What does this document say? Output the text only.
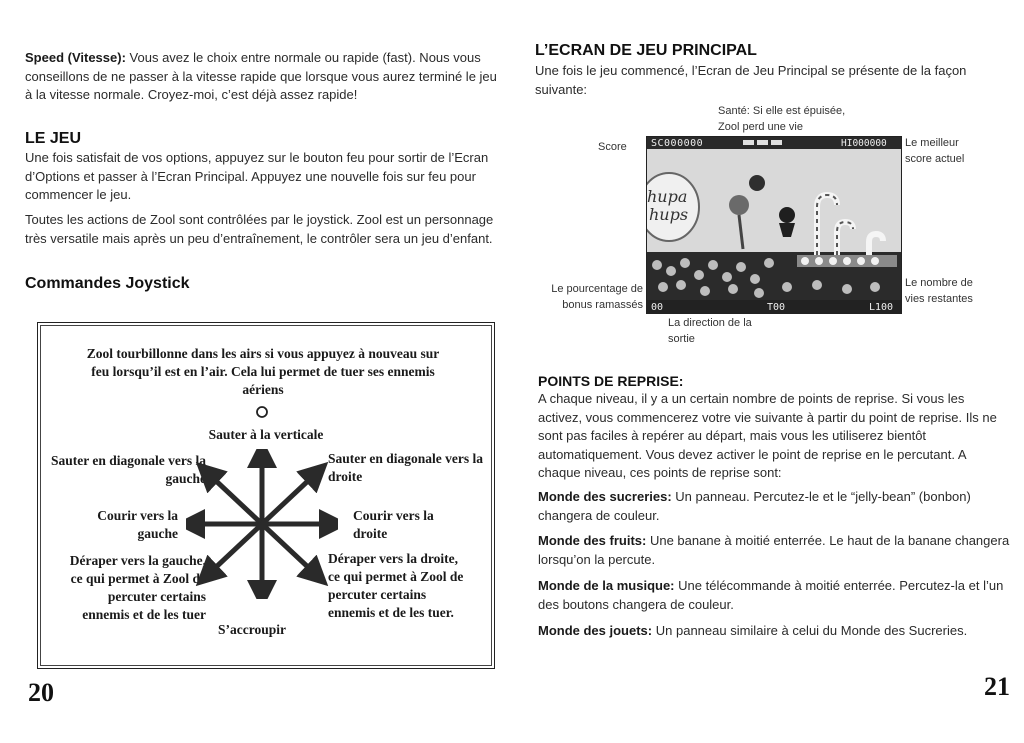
Speed (Vitesse): Vous avez le choix entre normale ou rapide (fast). Nous vous conseillons de ne passer à la vitesse rapide que lorsque vous aurez terminé le jeu à la vitesse normale. Croyez-moi, c’est déjà assez rapide!
LE JEU
Une fois satisfait de vos options, appuyez sur le bouton feu pour sortir de l’Ecran d’Options et passer à l’Ecran Principal. Appuyez une nouvelle fois sur feu pour commencer le jeu.
Toutes les actions de Zool sont contrôlées par le joystick. Zool est un personnage très versatile mais après un peu d’entraînement, le contrôler sera un jeu d’enfant.
Commandes Joystick
Zool tourbillonne dans les airs si vous appuyez à nouveau sur feu lorsqu’il est en l’air. Cela lui permet de tuer ses ennemis aériens
Sauter à la verticale
Sauter en diagonale vers la gauche
Sauter en diagonale vers la droite
Courir vers la gauche
Courir vers la droite
Déraper vers la gauche, ce qui permet à Zool de percuter certains ennemis et de les tuer
Déraper vers la droite, ce qui permet à Zool de percuter certains ennemis et de les tuer.
S’accroupir
20
L’ECRAN DE JEU PRINCIPAL
Une fois le jeu commencé, l’Ecran de Jeu Principal se présente de la façon suivante:
Santé: Si elle est épuisée, Zool perd une vie
Score	Le meilleur score actuel
Le pourcentage de bonus ramassés
Le nombre de vies restantes
La direction de la sortie
hupa
hups
SC000000	HI000000
00	T00	L100
POINTS DE REPRISE:
A chaque niveau, il y a un certain nombre de points de reprise. Si vous les activez, vous commencerez votre vie suivante à partir du point de reprise. Ils ne sont pas faciles à repérer au départ, mais vous les utiliserez bientôt automatiquement. Vous devez activer le point de reprise en le percutant. A chaque niveau, ces points de reprise sont:
Monde des sucreries: Un panneau. Percutez-le et le “jelly-bean” (bonbon) changera de couleur.
Monde des fruits: Une banane à moitié enterrée. Le haut de la banane changera lorsqu’on la percute.
Monde de la musique: Une télécommande à moitié enterrée. Percutez-la et l’un des boutons changera de couleur.
Monde des jouets: Un panneau similaire à celui du Monde des Sucreries.
21
